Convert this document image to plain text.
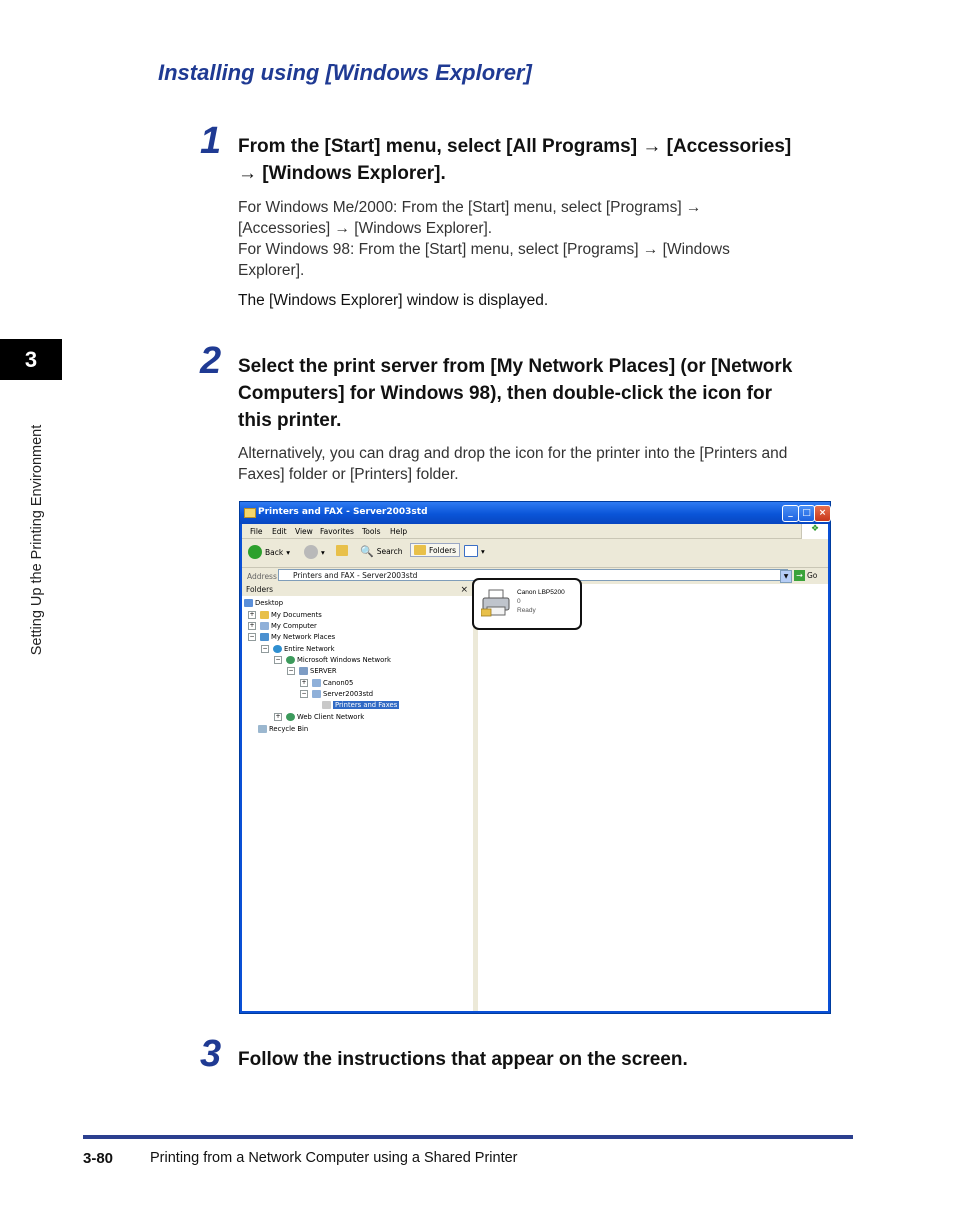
Installing using [Windows Explorer]
1 From the [Start] menu, select [All Programs] → [Accessories]
→ [Windows Explorer].

For Windows Me/2000: From the [Start] menu, select [Programs] →
[Accessories] → [Windows Explorer].
For Windows 98: From the [Start] menu, select [Programs] → [Windows
Explorer].

The [Windows Explorer] window is displayed.

2 Select the print server from [My Network Places] (or [Network
Computers] for Windows 98), then double-click the icon for
this printer.

Alternatively, you can drag and drop the icon for the printer into the [Printers and
Faxes] folder or [Printers] folder.

Printers and FAX - Server2003std	_	□ ×
File Edit View Favorites Tools Help	❖
Back ▾	▾	🔍 Search	Folders	▾
Address	Printers and FAX - Server2003std	▼ → Go
Folders	×
Desktop
+ My Documents
+ My Computer
− My Network Places
− Entire Network
− Microsoft Windows Network
− SERVER
+ Canon05
− Server2003std
Printers and Faxes
+ Web Client Network
Recycle Bin
Canon LBP5200
0
Ready
3 Follow the instructions that appear on the screen.

3
Setting Up the Printing Environment
3-80	Printing from a Network Computer using a Shared Printer
